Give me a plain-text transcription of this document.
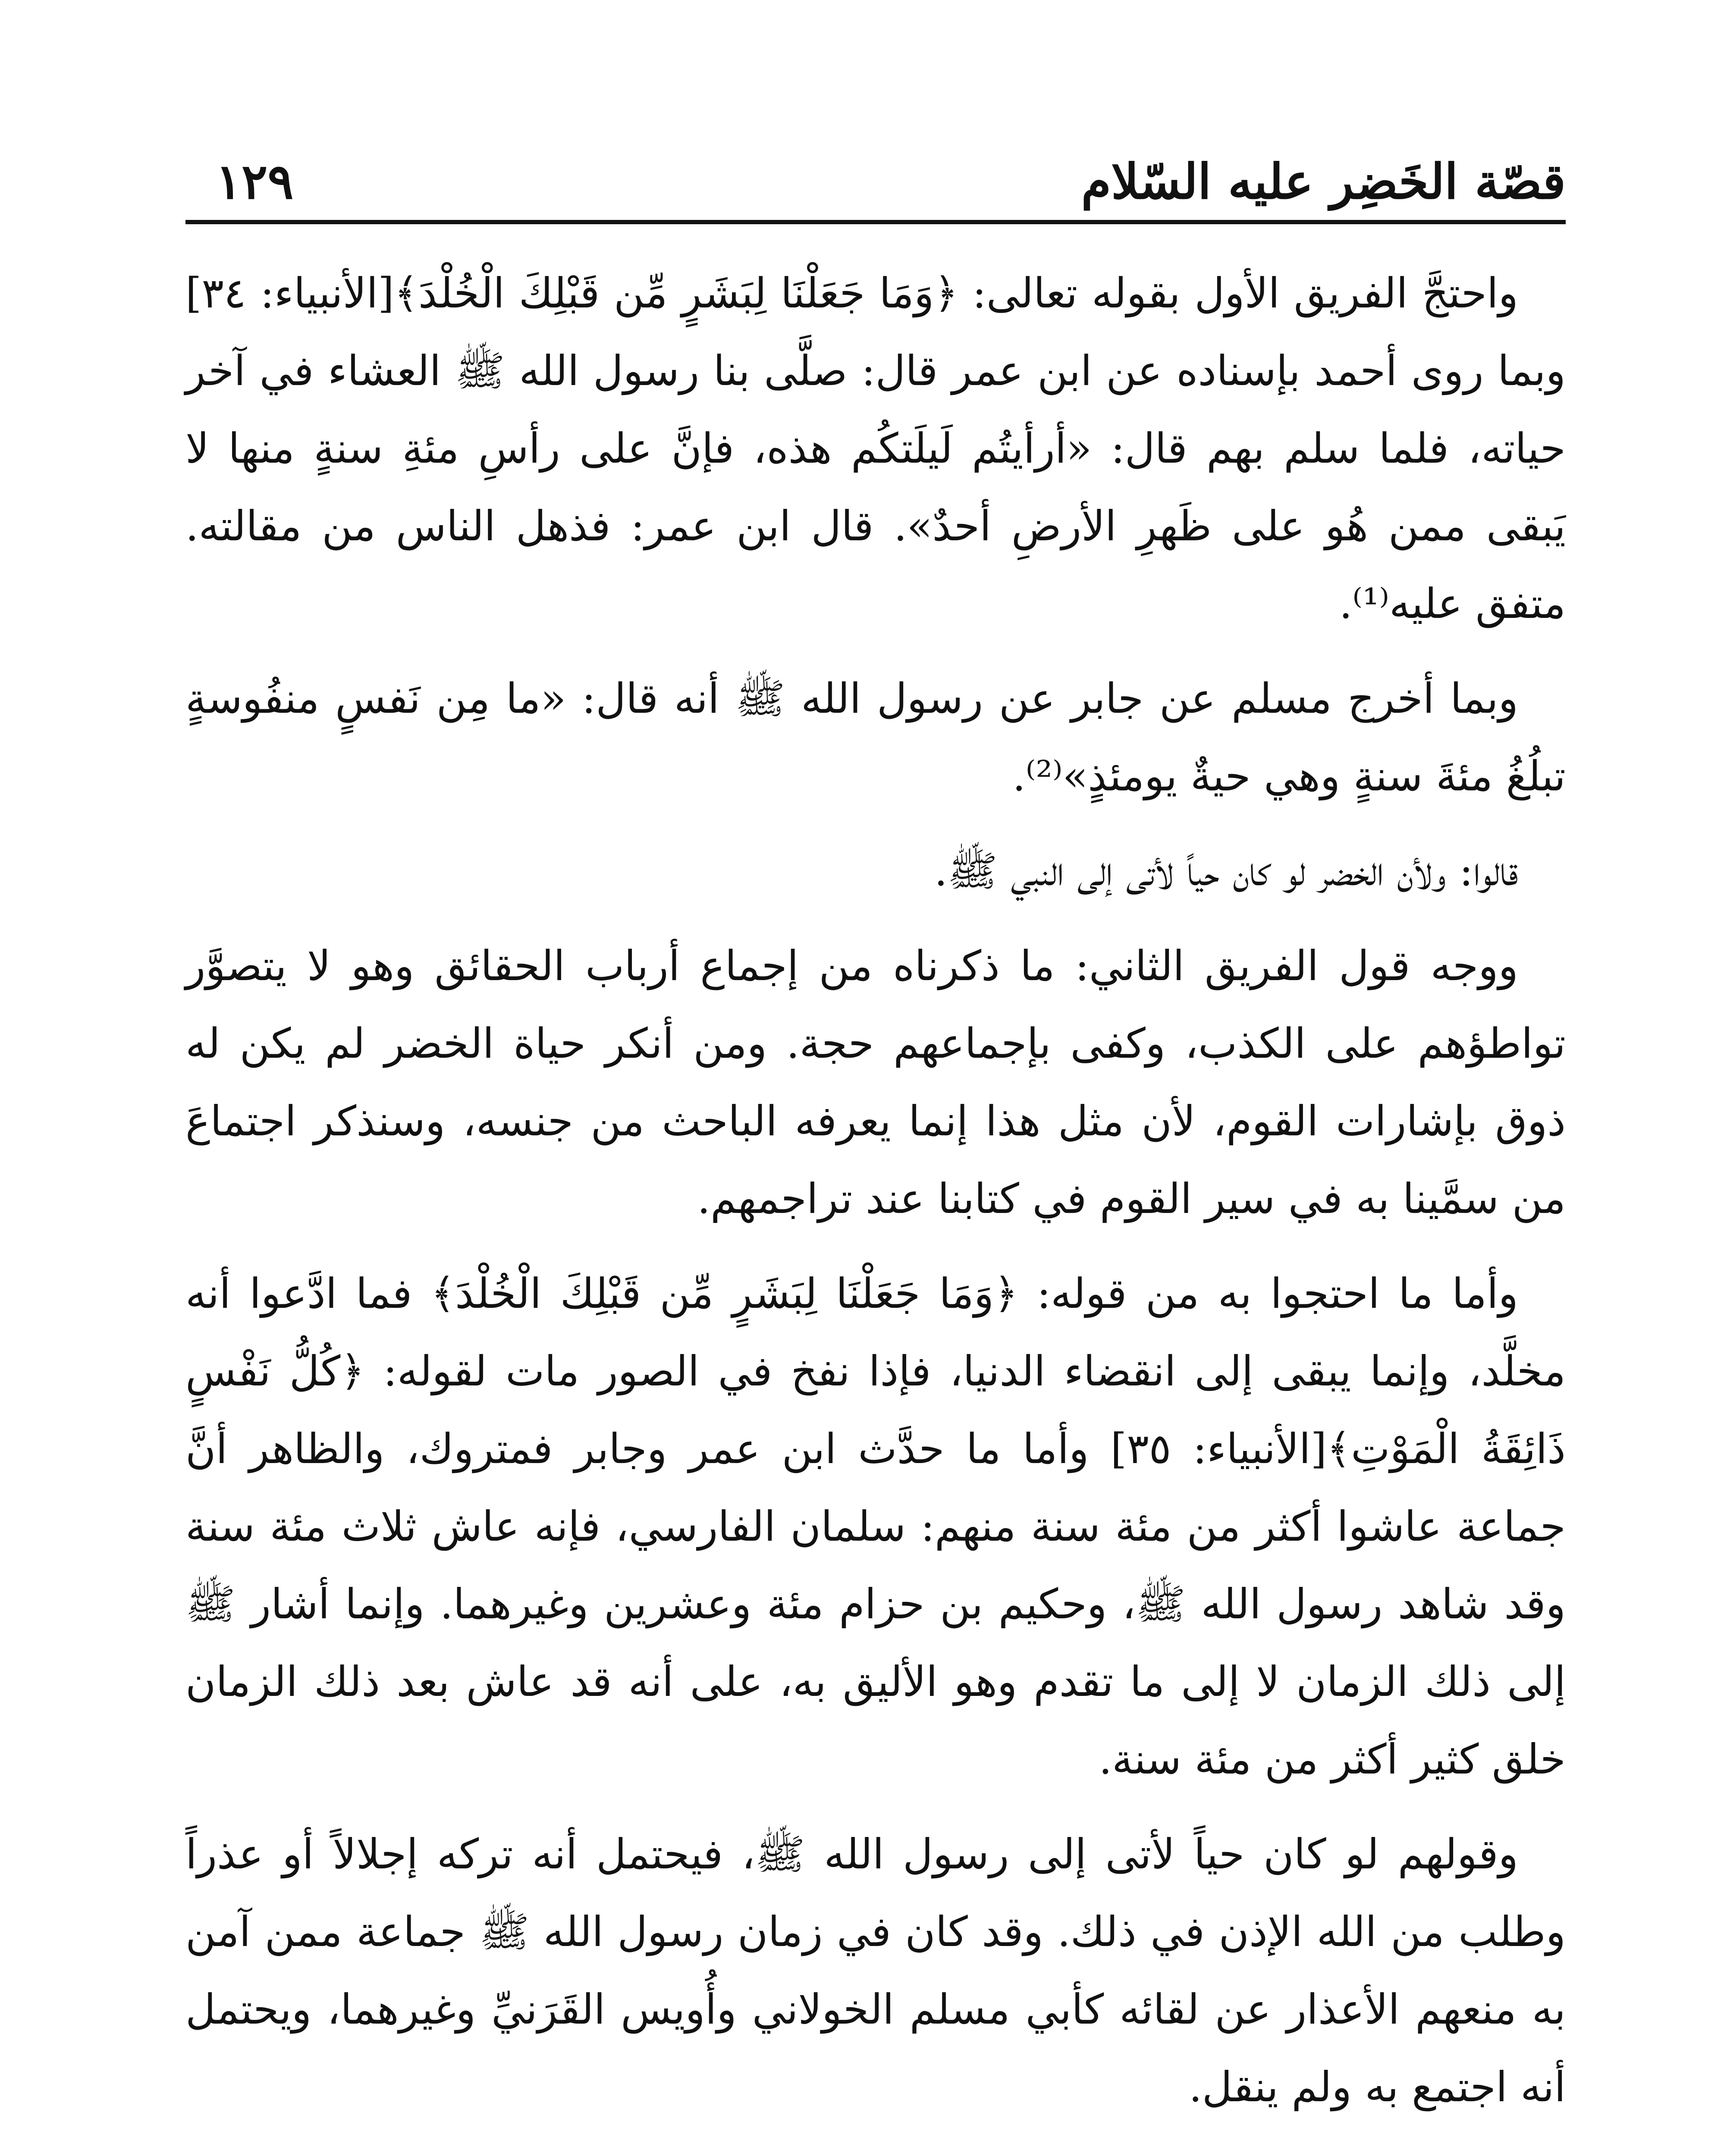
قصّة الخَضِر عليه السّلام
١٢٩

واحتجَّ الفريق الأول بقوله تعالى: ﴿وَمَا جَعَلْنَا لِبَشَرٍ مِّن قَبْلِكَ الْخُلْدَ﴾[الأنبياء: ٣٤] وبما روى أحمد بإسناده عن ابن عمر قال: صلَّى بنا رسول الله ﷺ العشاء في آخر حياته، فلما سلم بهم قال: «أرأيتُم لَيلَتكُم هذه، فإنَّ على رأسِ مئةِ سنةٍ منها لا يَبقى ممن هُو على ظَهرِ الأرضِ أحدٌ». قال ابن عمر: فذهل الناس من مقالته. متفق عليه⁽¹⁾.

وبما أخرج مسلم عن جابر عن رسول الله ﷺ أنه قال: «ما مِن نَفسٍ منفُوسةٍ تبلُغُ مئةَ سنةٍ وهي حيةٌ يومئذٍ»⁽²⁾.

قالوا: ولأن الخضر لو كان حياً لأتى إلى النبي ﷺ.

ووجه قول الفريق الثاني: ما ذكرناه من إجماع أرباب الحقائق وهو لا يتصوَّر تواطؤهم على الكذب، وكفى بإجماعهم حجة. ومن أنكر حياة الخضر لم يكن له ذوق بإشارات القوم، لأن مثل هذا إنما يعرفه الباحث من جنسه، وسنذكر اجتماعَ من سمَّينا به في سير القوم في كتابنا عند تراجمهم.

وأما ما احتجوا به من قوله: ﴿وَمَا جَعَلْنَا لِبَشَرٍ مِّن قَبْلِكَ الْخُلْدَ﴾ فما ادَّعوا أنه مخلَّد، وإنما يبقى إلى انقضاء الدنيا، فإذا نفخ في الصور مات لقوله: ﴿كُلُّ نَفْسٍ ذَائِقَةُ الْمَوْتِ﴾[الأنبياء: ٣٥] وأما ما حدَّث ابن عمر وجابر فمتروك، والظاهر أنَّ جماعة عاشوا أكثر من مئة سنة منهم: سلمان الفارسي، فإنه عاش ثلاث مئة سنة وقد شاهد رسول الله ﷺ، وحكيم بن حزام مئة وعشرين وغيرهما. وإنما أشار ﷺ إلى ذلك الزمان لا إلى ما تقدم وهو الأليق به، على أنه قد عاش بعد ذلك الزمان خلق كثير أكثر من مئة سنة.

وقولهم لو كان حياً لأتى إلى رسول الله ﷺ، فيحتمل أنه تركه إجلالاً أو عذراً وطلب من الله الإذن في ذلك. وقد كان في زمان رسول الله ﷺ جماعة ممن آمن به منعهم الأعذار عن لقائه كأبي مسلم الخولاني وأُويس القَرَنيِّ وغيرهما، ويحتمل أنه اجتمع به ولم ينقل.
